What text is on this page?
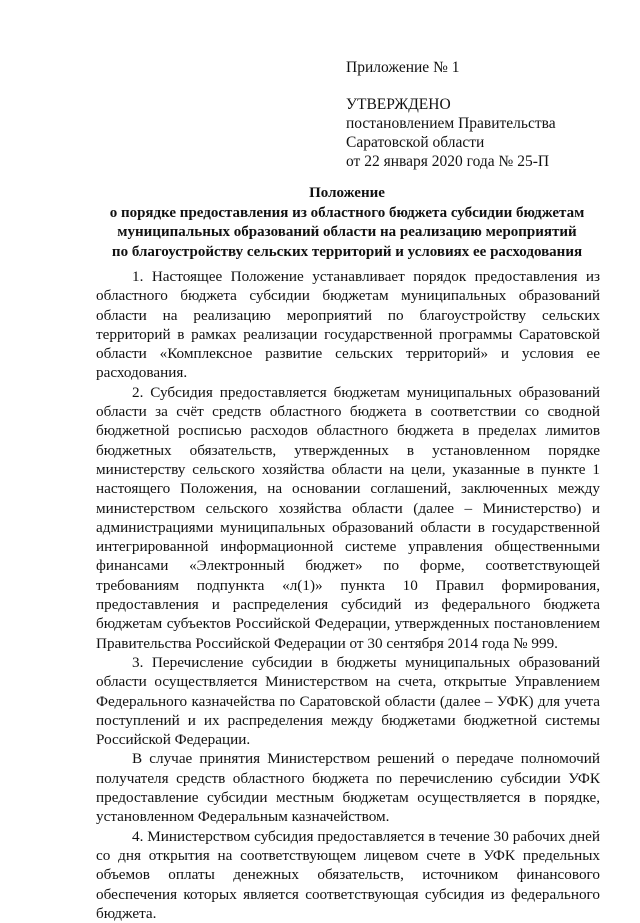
Приложение № 1
УТВЕРЖДЕНО
постановлением Правительства
Саратовской области
от 22 января 2020 года № 25-П
Положение
о порядке предоставления из областного бюджета субсидии бюджетам
муниципальных образований области на реализацию мероприятий
по благоустройству сельских территорий и условиях ее расходования

1. Настоящее Положение устанавливает порядок предоставления из областного бюджета субсидии бюджетам муниципальных образований области на реализацию мероприятий по благоустройству сельских территорий в рамках реализации государственной программы Саратовской области «Комплексное развитие сельских территорий» и условия ее расходования.

2. Субсидия предоставляется бюджетам муниципальных образований области за счёт средств областного бюджета в соответствии со сводной бюджетной росписью расходов областного бюджета в пределах лимитов бюджетных обязательств, утвержденных в установленном порядке министерству сельского хозяйства области на цели, указанные в пункте 1 настоящего Положения, на основании соглашений, заключенных между министерством сельского хозяйства области (далее – Министерство) и администрациями муниципальных образований области в государственной интегрированной информационной системе управления общественными финансами «Электронный бюджет» по форме, соответствующей требованиям подпункта «л(1)» пункта 10 Правил формирования, предоставления и распределения субсидий из федерального бюджета бюджетам субъектов Российской Федерации, утвержденных постановлением Правительства Российской Федерации от 30 сентября 2014 года № 999.

3. Перечисление субсидии в бюджеты муниципальных образований области осуществляется Министерством на счета, открытые Управлением Федерального казначейства по Саратовской области (далее – УФК) для учета поступлений и их распределения между бюджетами бюджетной системы Российской Федерации.

В случае принятия Министерством решений о передаче полномочий получателя средств областного бюджета по перечислению субсидии УФК предоставление субсидии местным бюджетам осуществляется в порядке, установленном Федеральным казначейством.

4. Министерством субсидия предоставляется в течение 30 рабочих дней со дня открытия на соответствующем лицевом счете в УФК предельных объемов оплаты денежных обязательств, источником финансового обеспечения которых является соответствующая субсидия из федерального бюджета.
